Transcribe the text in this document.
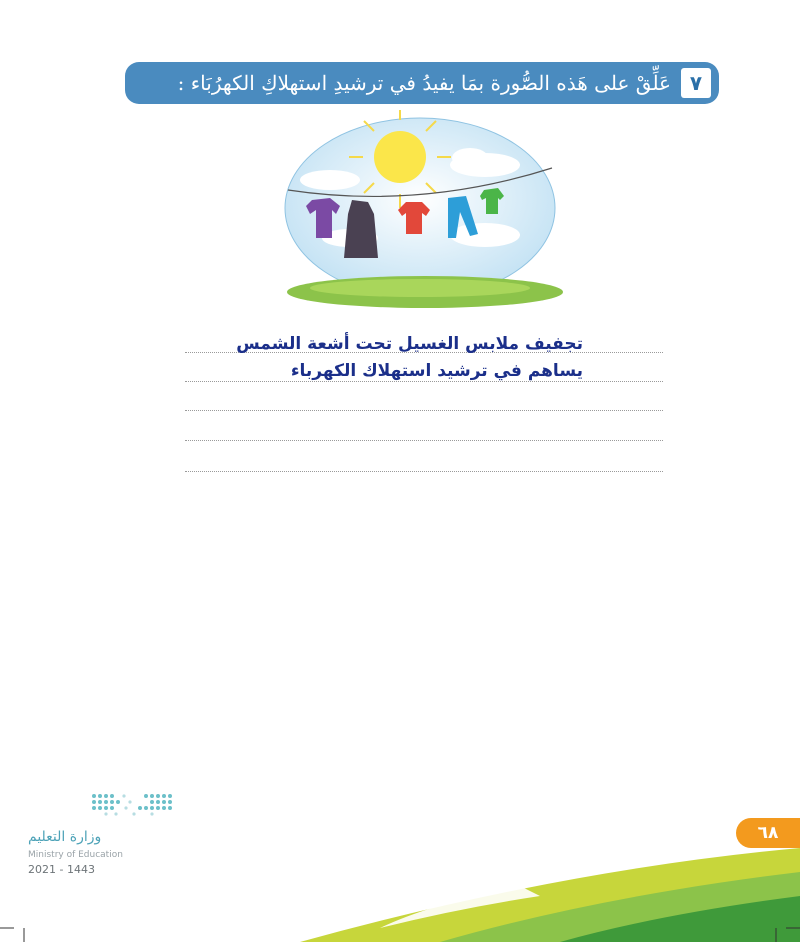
٧
عَلِّقْ على هَذه الصُّورة بمَا يفيدُ في ترشيدِ استهلاكِ الكهرُبَاء :
تجفيف ملابس الغسيل تحت أشعة الشمس
يساهم في ترشيد استهلاك الكهرباء
وزارة التعليم
Ministry of Education
2021 - 1443
٦٨
